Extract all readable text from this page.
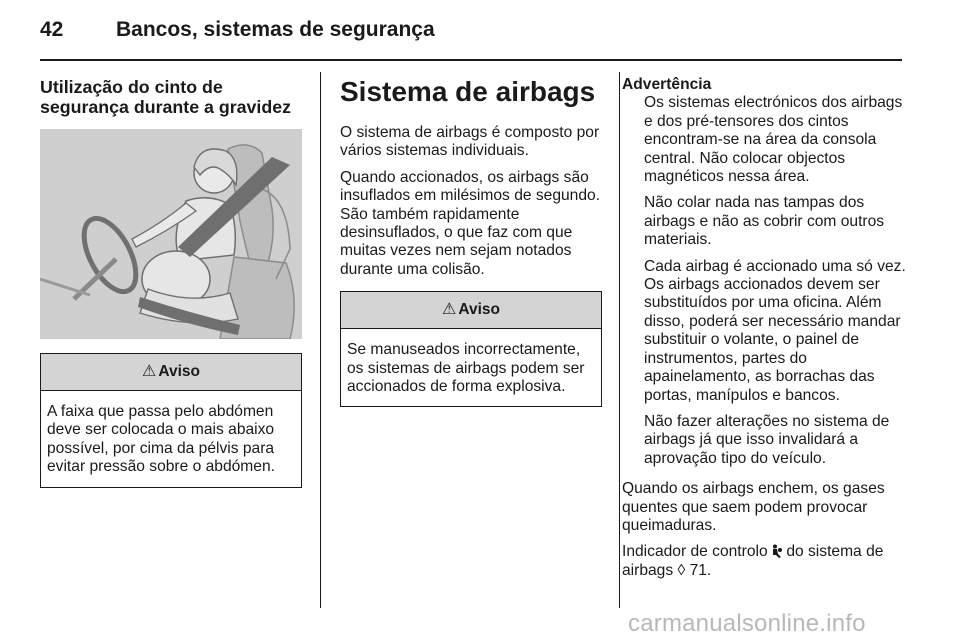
42	Bancos, sistemas de segurança
Utilização do cinto de
segurança durante a gravidez
⚠ Aviso
A faixa que passa pelo abdómen deve ser colocada o mais abaixo possível, por cima da pélvis para evitar pressão sobre o abdómen.
Sistema de airbags

O sistema de airbags é composto por vários sistemas individuais.

Quando accionados, os airbags são insuflados em milésimos de segundo. São também rapidamente desinsuflados, o que faz com que muitas vezes nem sejam notados durante uma colisão.

⚠ Aviso
Se manuseados incorrectamente, os sistemas de airbags podem ser accionados de forma explosiva.
Advertência

Os sistemas electrónicos dos airbags e dos pré-tensores dos cintos encontram-se na área da consola central. Não colocar objectos magnéticos nessa área.

Não colar nada nas tampas dos airbags e não as cobrir com outros materiais.

Cada airbag é accionado uma só vez. Os airbags accionados devem ser substituídos por uma oficina. Além disso, poderá ser necessário mandar substituir o volante, o painel de instrumentos, partes do apainelamento, as borrachas das portas, manípulos e bancos.

Não fazer alterações no sistema de airbags já que isso invalidará a aprovação tipo do veículo.

Quando os airbags enchem, os gases quentes que saem podem provocar queimaduras.

Indicador de controlo do sistema de airbags ◊ 71.

carmanualsonline.info
